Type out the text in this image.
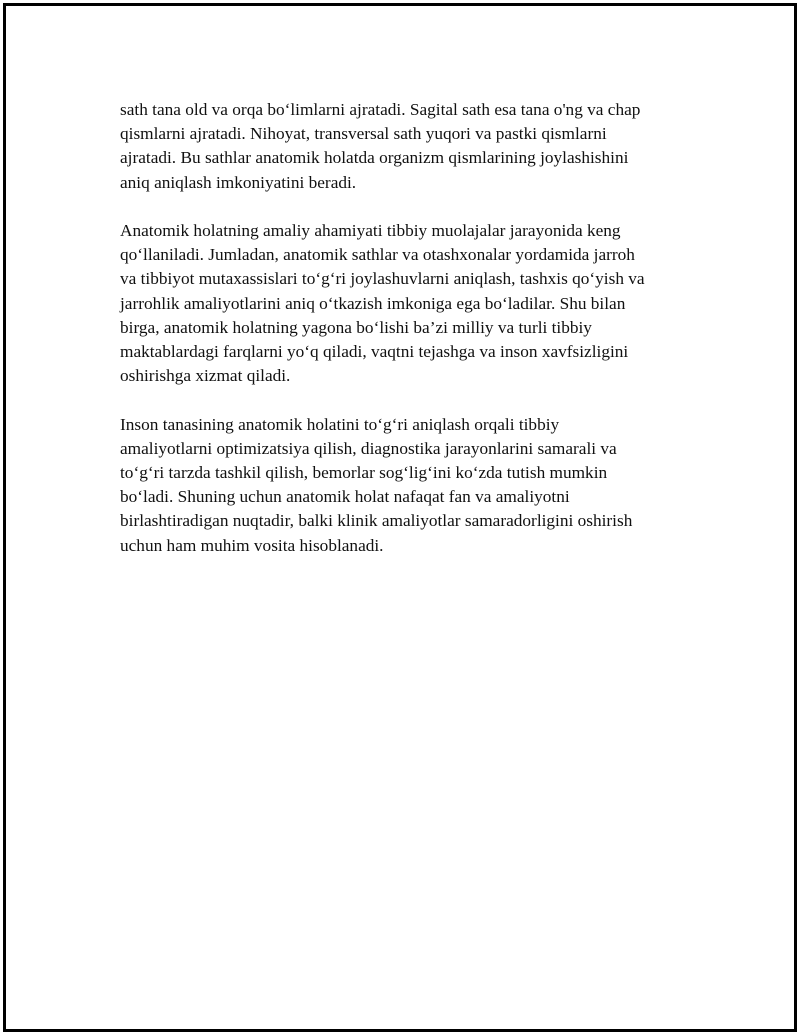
sath tana old va orqa bo‘limlarni ajratadi. Sagital sath esa tana o'ng va chap
qismlarni ajratadi. Nihoyat, transversal sath yuqori va pastki qismlarni
ajratadi. Bu sathlar anatomik holatda organizm qismlarining joylashishini
aniq aniqlash imkoniyatini beradi.

Anatomik holatning amaliy ahamiyati tibbiy muolajalar jarayonida keng
qo‘llaniladi. Jumladan, anatomik sathlar va otashxonalar yordamida jarroh
va tibbiyot mutaxassislari to‘g‘ri joylashuvlarni aniqlash, tashxis qo‘yish va
jarrohlik amaliyotlarini aniq o‘tkazish imkoniga ega bo‘ladilar. Shu bilan
birga, anatomik holatning yagona bo‘lishi ba’zi milliy va turli tibbiy
maktablardagi farqlarni yo‘q qiladi, vaqtni tejashga va inson xavfsizligini
oshirishga xizmat qiladi.

Inson tanasining anatomik holatini to‘g‘ri aniqlash orqali tibbiy
amaliyotlarni optimizatsiya qilish, diagnostika jarayonlarini samarali va
to‘g‘ri tarzda tashkil qilish, bemorlar sog‘lig‘ini ko‘zda tutish mumkin
bo‘ladi. Shuning uchun anatomik holat nafaqat fan va amaliyotni
birlashtiradigan nuqtadir, balki klinik amaliyotlar samaradorligini oshirish
uchun ham muhim vosita hisoblanadi.
